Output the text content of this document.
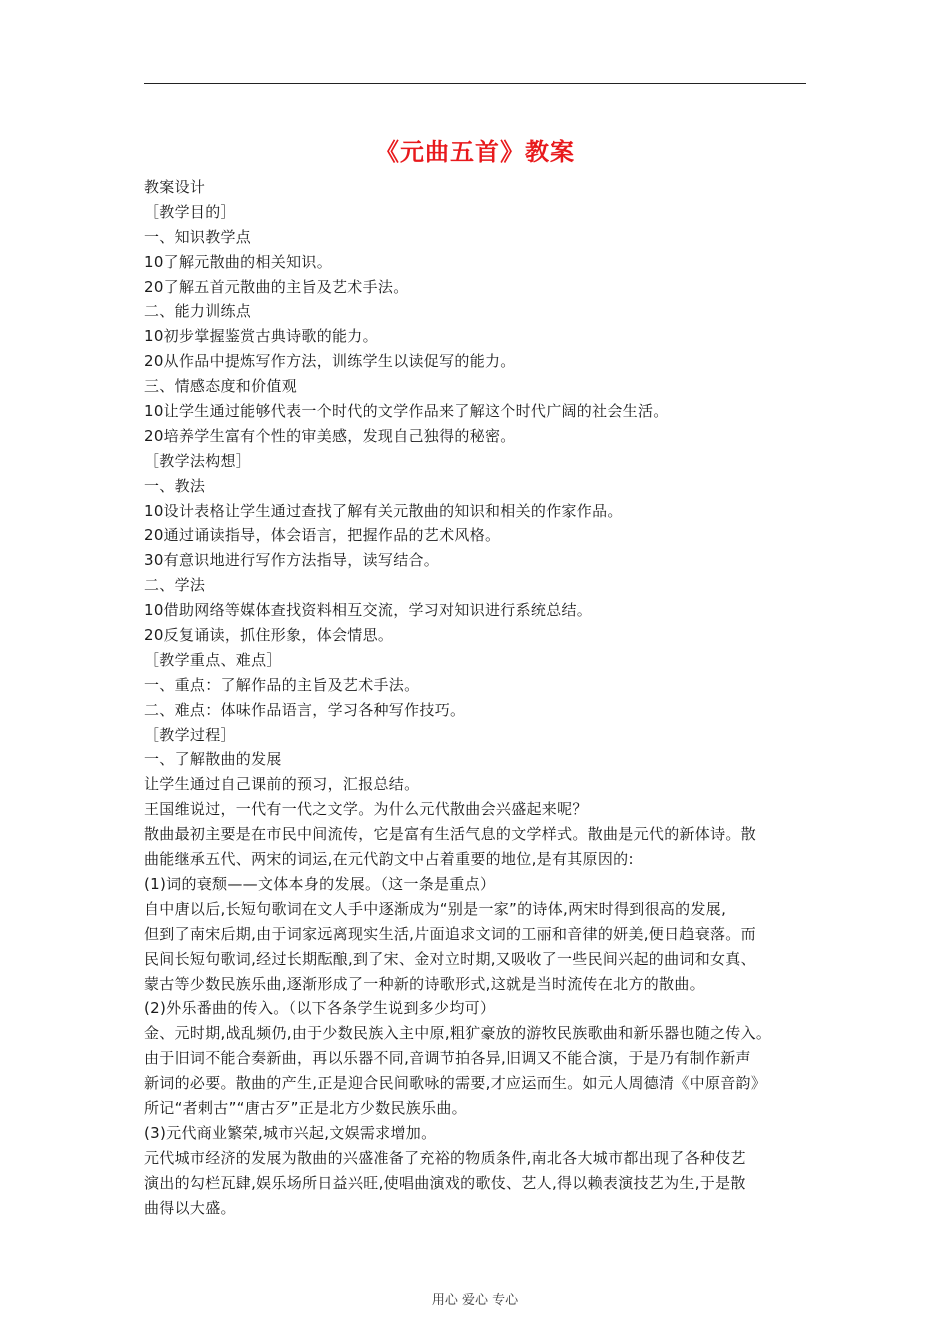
《元曲五首》教案
教案设计
［教学目的］
一、知识教学点
10了解元散曲的相关知识。
20了解五首元散曲的主旨及艺术手法。
二、能力训练点
10初步掌握鉴赏古典诗歌的能力。
20从作品中提炼写作方法，训练学生以读促写的能力。
三、情感态度和价值观
10让学生通过能够代表一个时代的文学作品来了解这个时代广阔的社会生活。
20培养学生富有个性的审美感，发现自己独得的秘密。
［教学法构想］
一、教法
10设计表格让学生通过查找了解有关元散曲的知识和相关的作家作品。
20通过诵读指导，体会语言，把握作品的艺术风格。
30有意识地进行写作方法指导，读写结合。
二、学法
10借助网络等媒体查找资料相互交流，学习对知识进行系统总结。
20反复诵读，抓住形象，体会情思。
［教学重点、难点］
一、重点：了解作品的主旨及艺术手法。
二、难点：体味作品语言，学习各种写作技巧。
［教学过程］
一、了解散曲的发展
让学生通过自己课前的预习，汇报总结。
王国维说过，一代有一代之文学。为什么元代散曲会兴盛起来呢？
散曲最初主要是在市民中间流传，它是富有生活气息的文学样式。散曲是元代的新体诗。散
曲能继承五代、两宋的词运,在元代韵文中占着重要的地位,是有其原因的:
(1)词的衰颓——文体本身的发展。（这一条是重点）
自中唐以后,长短句歌词在文人手中逐渐成为“别是一家”的诗体,两宋时得到很高的发展,
但到了南宋后期,由于词家远离现实生活,片面追求文词的工丽和音律的妍美,便日趋衰落。而
民间长短句歌词,经过长期酝酿,到了宋、金对立时期,又吸收了一些民间兴起的曲词和女真、
蒙古等少数民族乐曲,逐渐形成了一种新的诗歌形式,这就是当时流传在北方的散曲。
(2)外乐番曲的传入。（以下各条学生说到多少均可）
金、元时期,战乱频仍,由于少数民族入主中原,粗犷豪放的游牧民族歌曲和新乐器也随之传入。
由于旧词不能合奏新曲，再以乐器不同,音调节拍各异,旧调又不能合演，于是乃有制作新声
新词的必要。散曲的产生,正是迎合民间歌咏的需要,才应运而生。如元人周德清《中原音韵》
所记“者剌古”“唐古歹”正是北方少数民族乐曲。
(3)元代商业繁荣,城市兴起,文娱需求增加。
元代城市经济的发展为散曲的兴盛准备了充裕的物质条件,南北各大城市都出现了各种伎艺
演出的勾栏瓦肆,娱乐场所日益兴旺,使唱曲演戏的歌伎、艺人,得以赖表演技艺为生,于是散
曲得以大盛。
用心 爱心 专心
